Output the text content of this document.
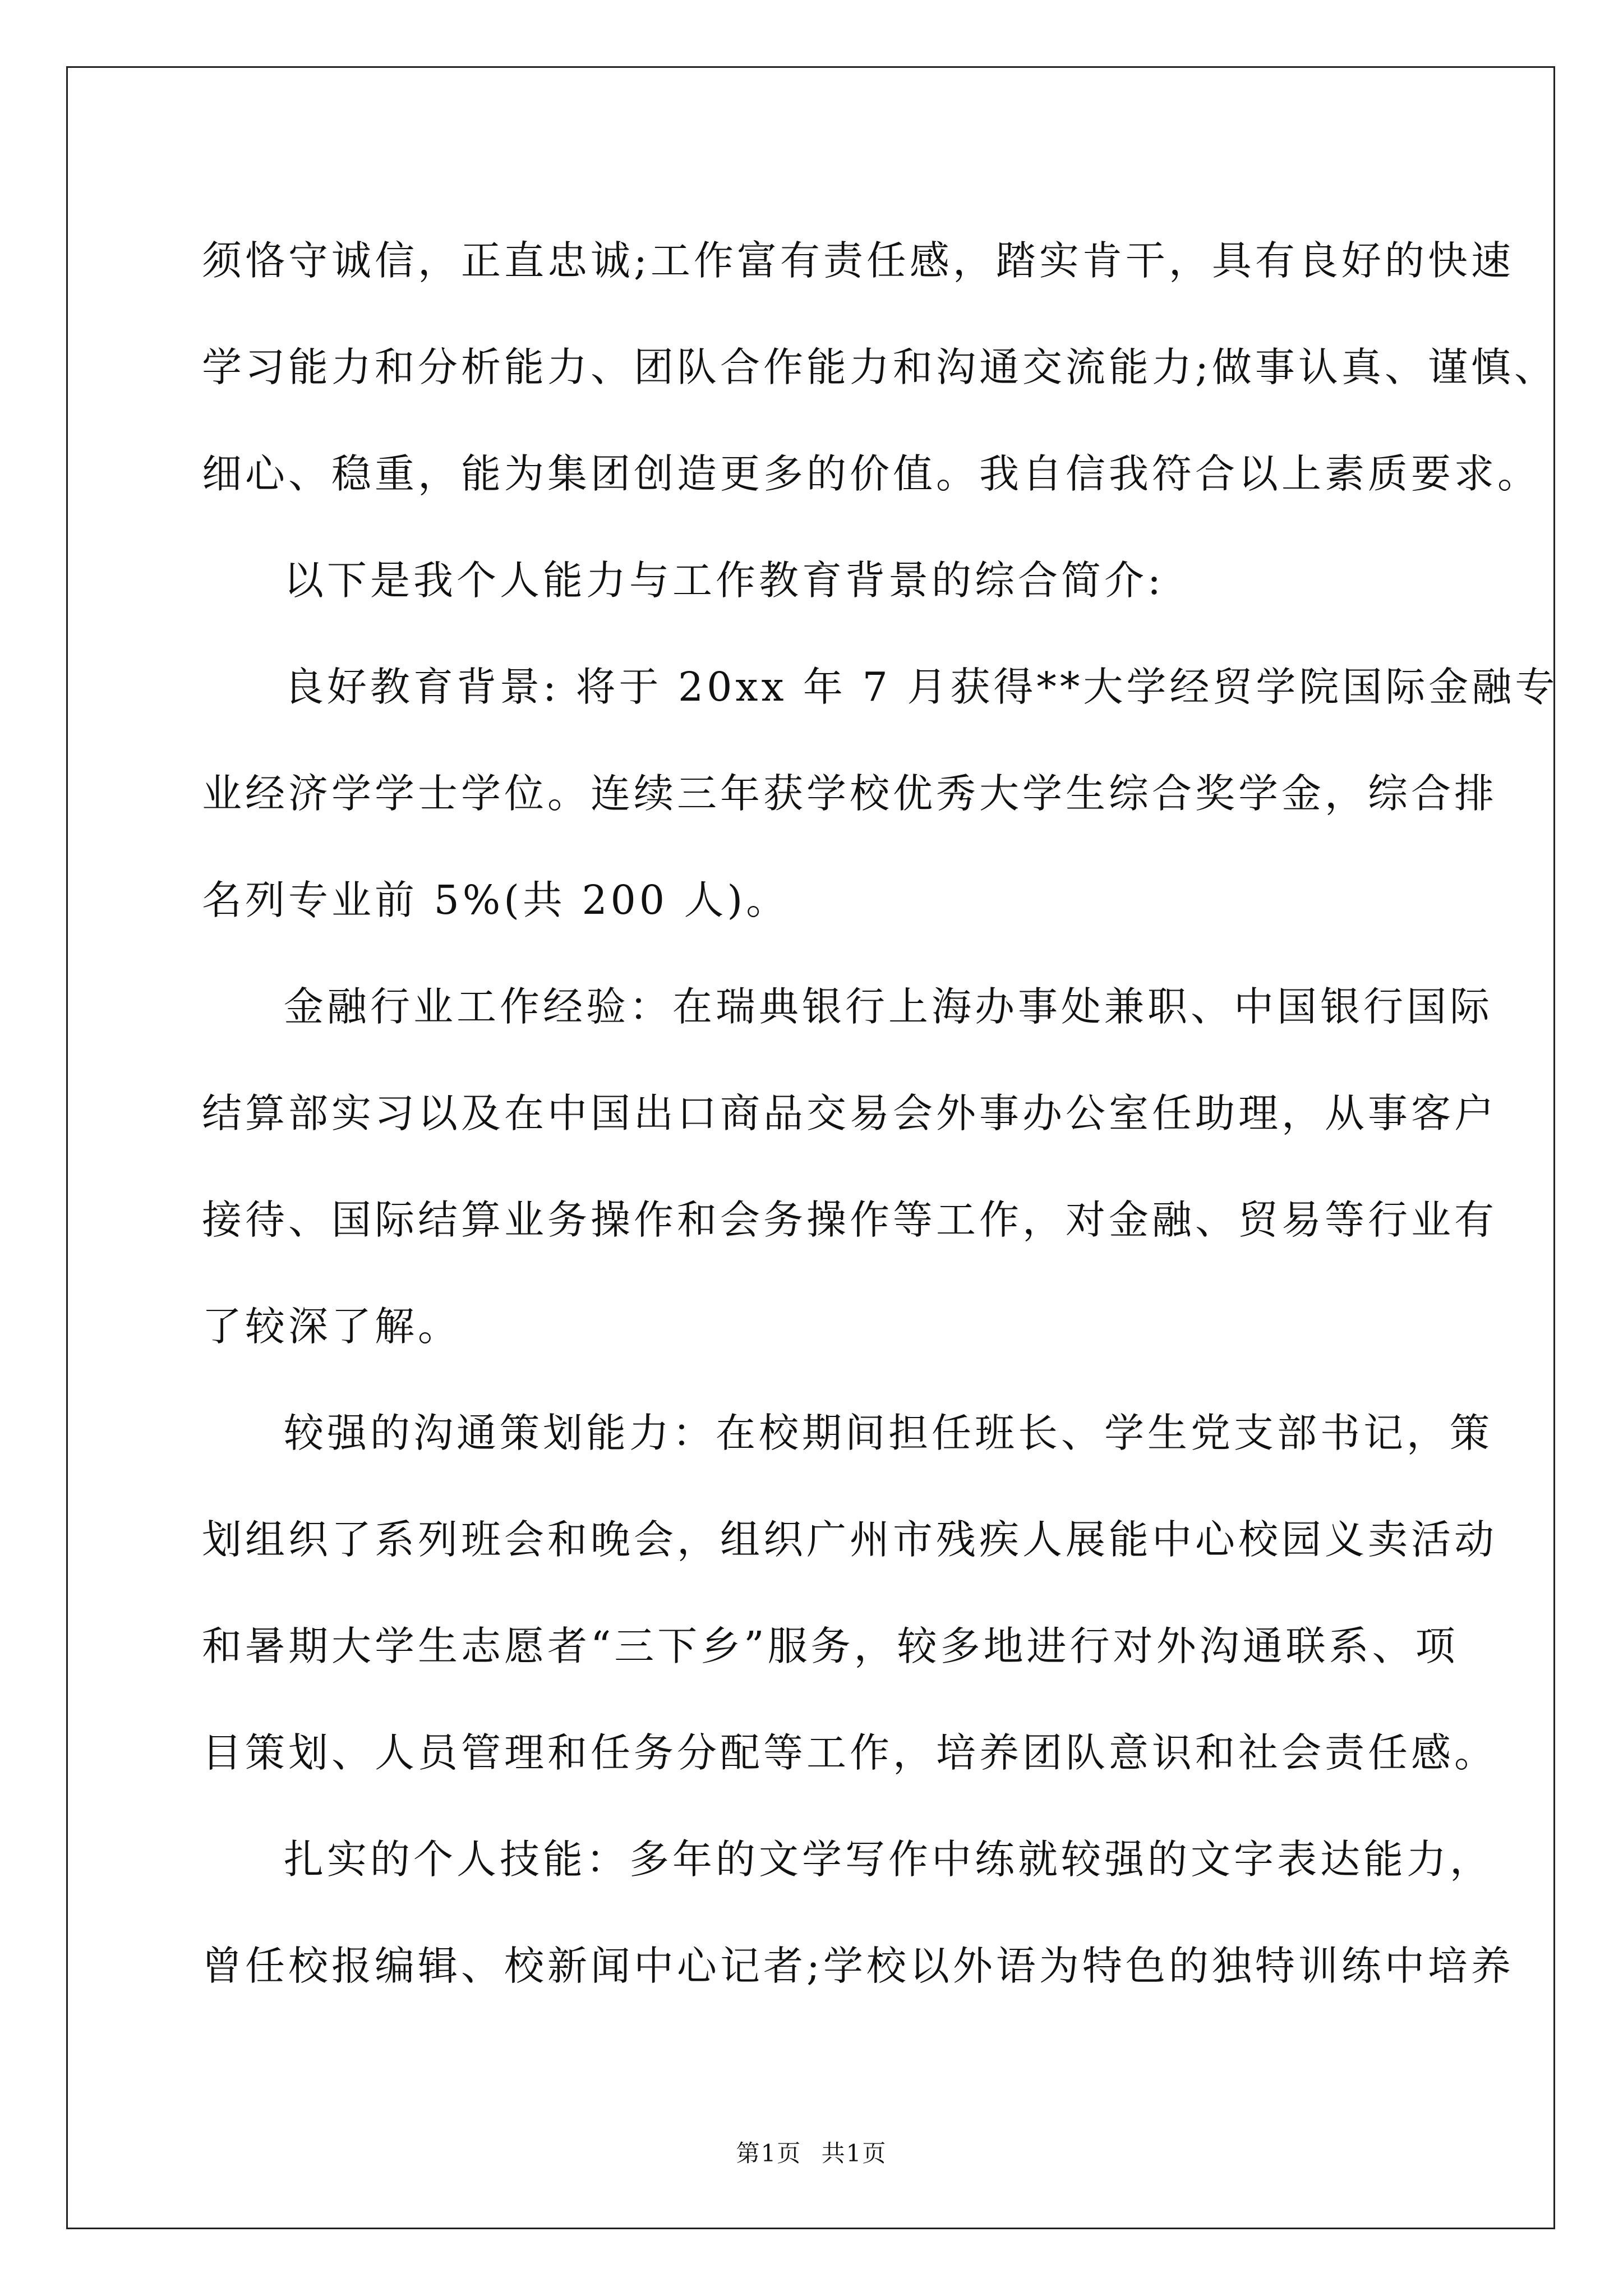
须恪守诚信，正直忠诚;工作富有责任感，踏实肯干，具有良好的快速
学习能力和分析能力、团队合作能力和沟通交流能力;做事认真、谨慎、
细心、稳重，能为集团创造更多的价值。我自信我符合以上素质要求。
以下是我个人能力与工作教育背景的综合简介:
良好教育背景: 将于 20xx 年 7 月获得**大学经贸学院国际金融专
业经济学学士学位。连续三年获学校优秀大学生综合奖学金，综合排
名列专业前 5%(共 200 人)。
金融行业工作经验：在瑞典银行上海办事处兼职、中国银行国际
结算部实习以及在中国出口商品交易会外事办公室任助理，从事客户
接待、国际结算业务操作和会务操作等工作，对金融、贸易等行业有
了较深了解。
较强的沟通策划能力：在校期间担任班长、学生党支部书记，策
划组织了系列班会和晚会，组织广州市残疾人展能中心校园义卖活动
和暑期大学生志愿者“三下乡”服务，较多地进行对外沟通联系、项
目策划、人员管理和任务分配等工作，培养团队意识和社会责任感。
扎实的个人技能：多年的文学写作中练就较强的文字表达能力，
曾任校报编辑、校新闻中心记者;学校以外语为特色的独特训练中培养

第1页 共1页
